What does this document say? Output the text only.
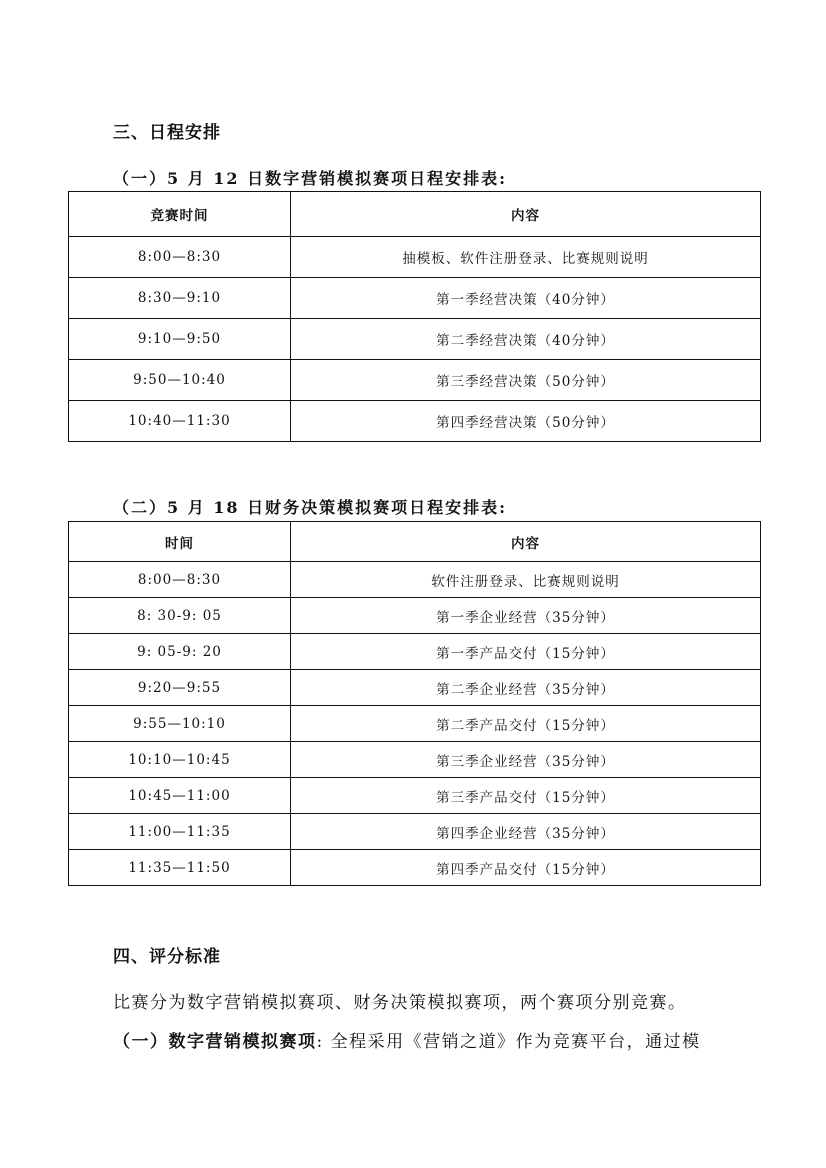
三、日程安排
（一）5 月 12 日数字营销模拟赛项日程安排表:
竞赛时间	内容
8:00—8:30	抽模板、软件注册登录、比赛规则说明
8:30—9:10	第一季经营决策（40分钟）
9:10—9:50	第二季经营决策（40分钟）
9:50—10:40	第三季经营决策（50分钟）
10:40—11:30	第四季经营决策（50分钟）
（二）5 月 18 日财务决策模拟赛项日程安排表:
时间	内容
8:00—8:30	软件注册登录、比赛规则说明
8: 30-9: 05	第一季企业经营（35分钟）
9: 05-9: 20	第一季产品交付（15分钟）
9:20—9:55	第二季企业经营（35分钟）
9:55—10:10	第二季产品交付（15分钟）
10:10—10:45	第三季企业经营（35分钟）
10:45—11:00	第三季产品交付（15分钟）
11:00—11:35	第四季企业经营（35分钟）
11:35—11:50	第四季产品交付（15分钟）
四、评分标准
比赛分为数字营销模拟赛项、财务决策模拟赛项，两个赛项分别竞赛。
（一）数字营销模拟赛项: 全程采用《营销之道》作为竞赛平台，通过模
